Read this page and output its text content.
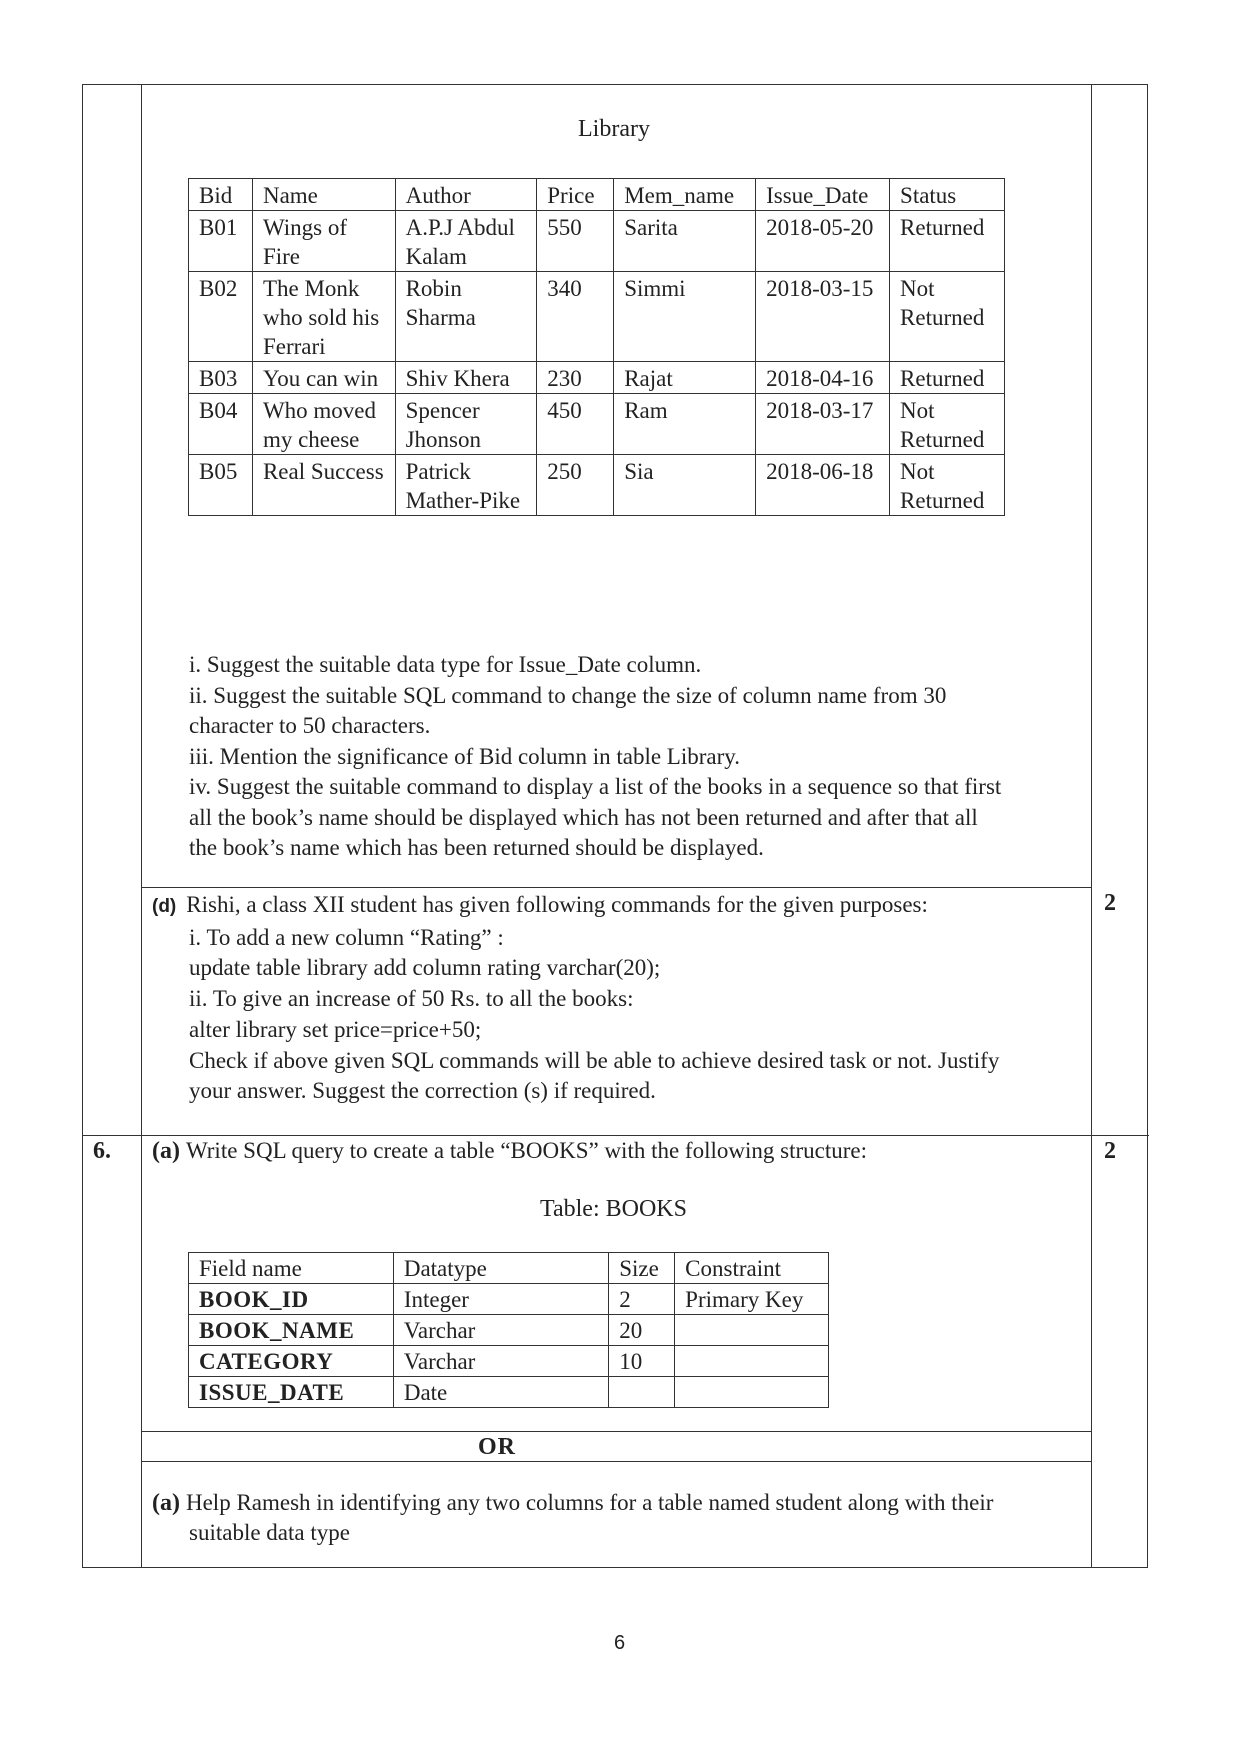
Library
Bid	Name	Author	Price	Mem_name	Issue_Date	Status
B01	Wings of Fire	A.P.J Abdul Kalam	550	Sarita	2018-05-20	Returned
B02	The Monk who sold his Ferrari	Robin Sharma	340	Simmi	2018-03-15	Not Returned
B03	You can win	Shiv Khera	230	Rajat	2018-04-16	Returned
B04	Who moved my cheese	Spencer Jhonson	450	Ram	2018-03-17	Not Returned
B05	Real Success	Patrick Mather-Pike	250	Sia	2018-06-18	Not Returned
i. Suggest the suitable data type for Issue_Date column.
ii. Suggest the suitable SQL command to change the size of column name from 30
character to 50 characters.
iii. Mention the significance of Bid column in table Library.
iv. Suggest the suitable command to display a list of the books in a sequence so that first
all the book’s name should be displayed which has not been returned and after that all
the book’s name which has been returned should be displayed.
(d) Rishi, a class XII student has given following commands for the given purposes:
i. To add a new column “Rating” :
update table library add column rating varchar(20);
ii. To give an increase of 50 Rs. to all the books:
alter library set price=price+50;
Check if above given SQL commands will be able to achieve desired task or not. Justify
your answer. Suggest the correction (s) if required.
2
6. (a) Write SQL query to create a table “BOOKS” with the following structure:	2
Table: BOOKS
Field name	Datatype	Size	Constraint
BOOK_ID	Integer	2	Primary Key
BOOK_NAME	Varchar	20	
CATEGORY	Varchar	10	
ISSUE_DATE	Date		
OR
(a) Help Ramesh in identifying any two columns for a table named student along with their
suitable data type
6
